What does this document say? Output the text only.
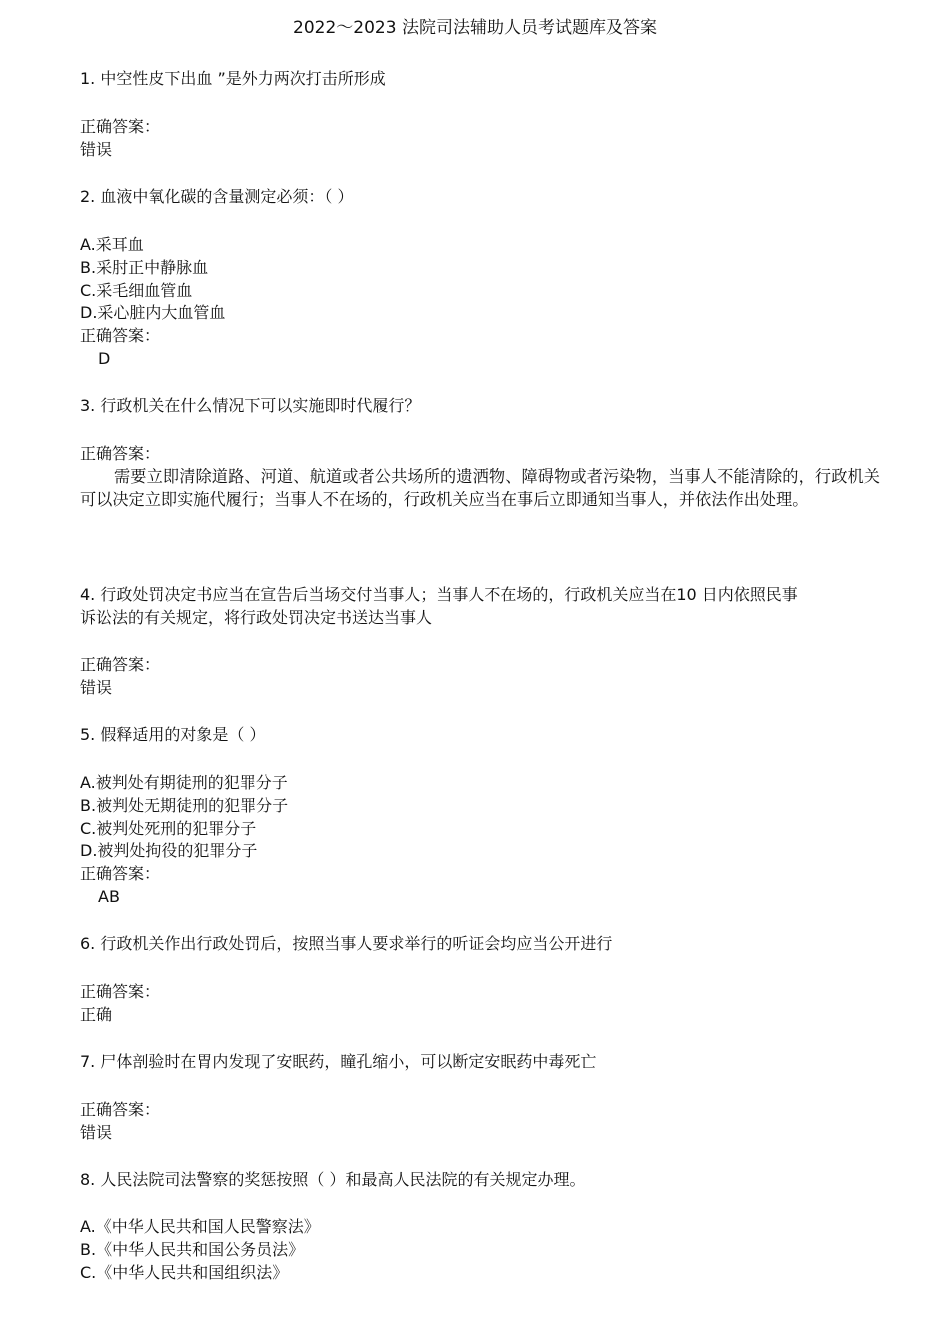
2022～2023 法院司法辅助人员考试题库及答案
1. 中空性皮下出血 ”是外力两次打击所形成
正确答案：
错误
2. 血液中氧化碳的含量测定必须：（ ）
A.采耳血
B.采肘正中静脉血
C.采毛细血管血
D.采心脏内大血管血
正确答案：
D
3. 行政机关在什么情况下可以实施即时代履行？
正确答案：
需要立即清除道路、河道、航道或者公共场所的遗洒物、障碍物或者污染物，当事人不能清除的，行政机关可以决定立即实施代履行；当事人不在场的，行政机关应当在事后立即通知当事人，并依法作出处理。
4. 行政处罚决定书应当在宣告后当场交付当事人；当事人不在场的，行政机关应当在10 日内依照民事
诉讼法的有关规定，将行政处罚决定书送达当事人
正确答案：
错误
5. 假释适用的对象是（ ）
A.被判处有期徒刑的犯罪分子
B.被判处无期徒刑的犯罪分子
C.被判处死刑的犯罪分子
D.被判处拘役的犯罪分子
正确答案：
AB
6. 行政机关作出行政处罚后，按照当事人要求举行的听证会均应当公开进行
正确答案：
正确
7. 尸体剖验时在胃内发现了安眠药，瞳孔缩小，可以断定安眠药中毒死亡
正确答案：
错误
8. 人民法院司法警察的奖惩按照（ ）和最高人民法院的有关规定办理。
A.《中华人民共和国人民警察法》
B.《中华人民共和国公务员法》
C.《中华人民共和国组织法》
